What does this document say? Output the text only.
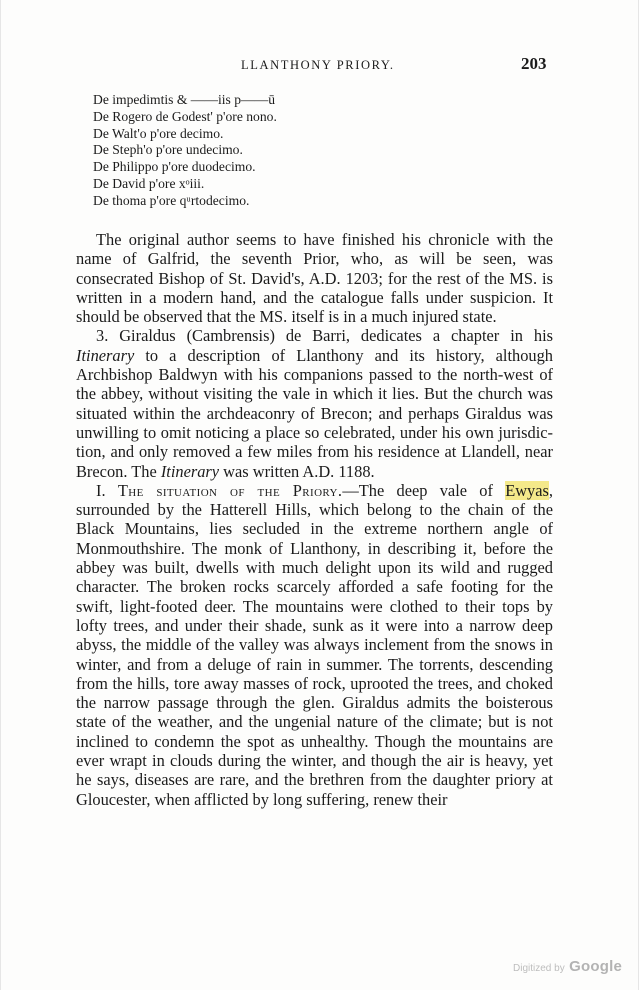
LLANTHONY PRIORY.	203
De impedimtis & ——iis p——ū
De Rogero de Godest' p'ore nono.
De Walt'o p'ore decimo.
De Steph'o p'ore undecimo.
De Philippo p'ore duodecimo.
De David p'ore xᵒiii.
De thoma p'ore qᵘrtodecimo.

The original author seems to have finished his chronicle with the name of Galfrid, the seventh Prior, who, as will be seen, was consecrated Bishop of St. David's, A.D. 1203; for the rest of the MS. is written in a modern hand, and the catalogue falls under suspicion. It should be observed that the MS. itself is in a much injured state.

3. Giraldus (Cambrensis) de Barri, dedicates a chapter in his Itinerary to a description of Llanthony and its history, although Archbishop Baldwyn with his companions passed to the north-west of the abbey, without visiting the vale in which it lies. But the church was situated within the archdeaconry of Brecon; and perhaps Giraldus was unwilling to omit noticing a place so celebrated, under his own jurisdiction, and only removed a few miles from his residence at Llandell, near Brecon. The Itinerary was written A.D. 1188.

I. The situation of the Priory.—The deep vale of Ewyas, surrounded by the Hatterell Hills, which belong to the chain of the Black Mountains, lies secluded in the extreme northern angle of Monmouthshire. The monk of Llanthony, in describing it, before the abbey was built, dwells with much delight upon its wild and rugged character. The broken rocks scarcely afforded a safe footing for the swift, light-footed deer. The mountains were clothed to their tops by lofty trees, and under their shade, sunk as it were into a narrow deep abyss, the middle of the valley was always inclement from the snows in winter, and from a deluge of rain in summer. The torrents, descending from the hills, tore away masses of rock, uprooted the trees, and choked the narrow passage through the glen. Giraldus admits the boisterous state of the weather, and the ungenial nature of the climate; but is not inclined to condemn the spot as unhealthy. Though the mountains are ever wrapt in clouds during the winter, and though the air is heavy, yet he says, diseases are rare, and the brethren from the daughter priory at Gloucester, when afflicted by long suffering, renew their

Digitized by Google
